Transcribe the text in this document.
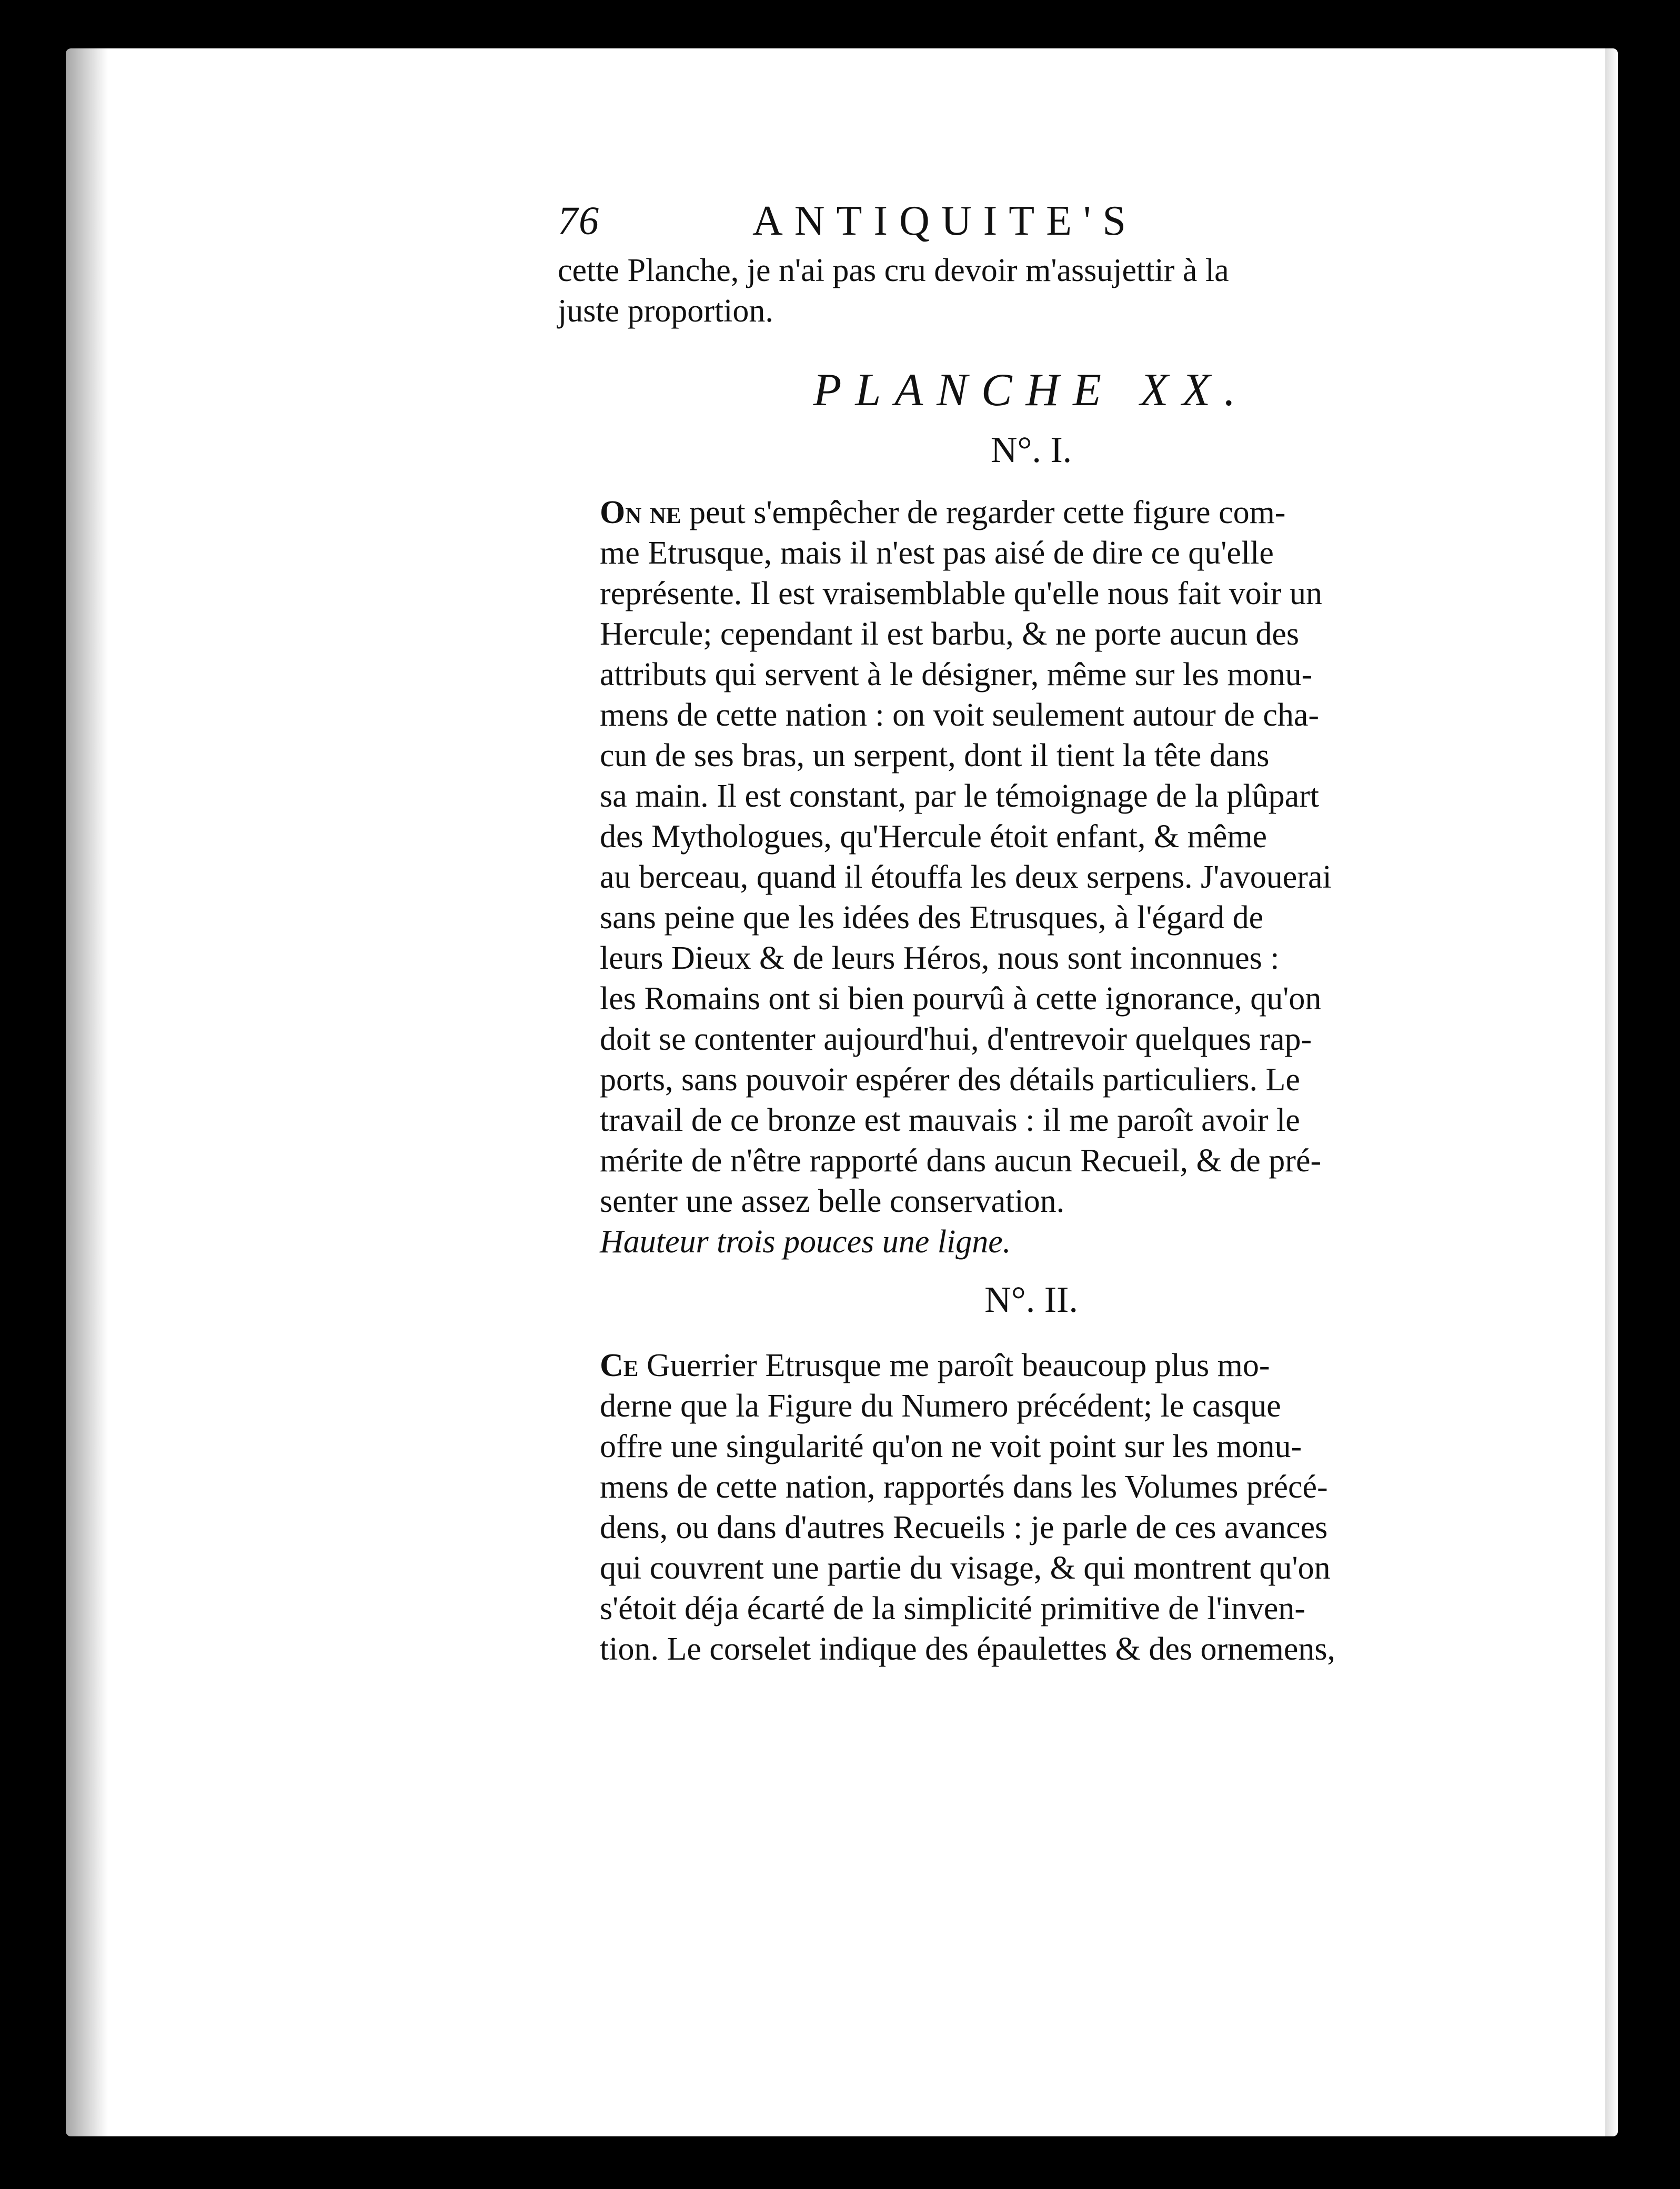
76	ANTIQUITE'S

cette Planche, je n'ai pas cru devoir m'assujettir à la
juste proportion.

PLANCHE XX.
N°. I.

On ne peut s'empêcher de regarder cette figure com-
me Etrusque, mais il n'est pas aisé de dire ce qu'elle
représente. Il est vraisemblable qu'elle nous fait voir un
Hercule; cependant il est barbu, & ne porte aucun des
attributs qui servent à le désigner, même sur les monu-
mens de cette nation : on voit seulement autour de cha-
cun de ses bras, un serpent, dont il tient la tête dans
sa main. Il est constant, par le témoignage de la plûpart
des Mythologues, qu'Hercule étoit enfant, & même
au berceau, quand il étouffa les deux serpens. J'avouerai
sans peine que les idées des Etrusques, à l'égard de
leurs Dieux & de leurs Héros, nous sont inconnues :
les Romains ont si bien pourvû à cette ignorance, qu'on
doit se contenter aujourd'hui, d'entrevoir quelques rap-
ports, sans pouvoir espérer des détails particuliers. Le
travail de ce bronze est mauvais : il me paroît avoir le
mérite de n'être rapporté dans aucun Recueil, & de pré-
senter une assez belle conservation.

Hauteur trois pouces une ligne.

N°. II.

Ce Guerrier Etrusque me paroît beaucoup plus mo-
derne que la Figure du Numero précédent; le casque
offre une singularité qu'on ne voit point sur les monu-
mens de cette nation, rapportés dans les Volumes précé-
dens, ou dans d'autres Recueils : je parle de ces avances
qui couvrent une partie du visage, & qui montrent qu'on
s'étoit déja écarté de la simplicité primitive de l'inven-
tion. Le corselet indique des épaulettes & des ornemens,
